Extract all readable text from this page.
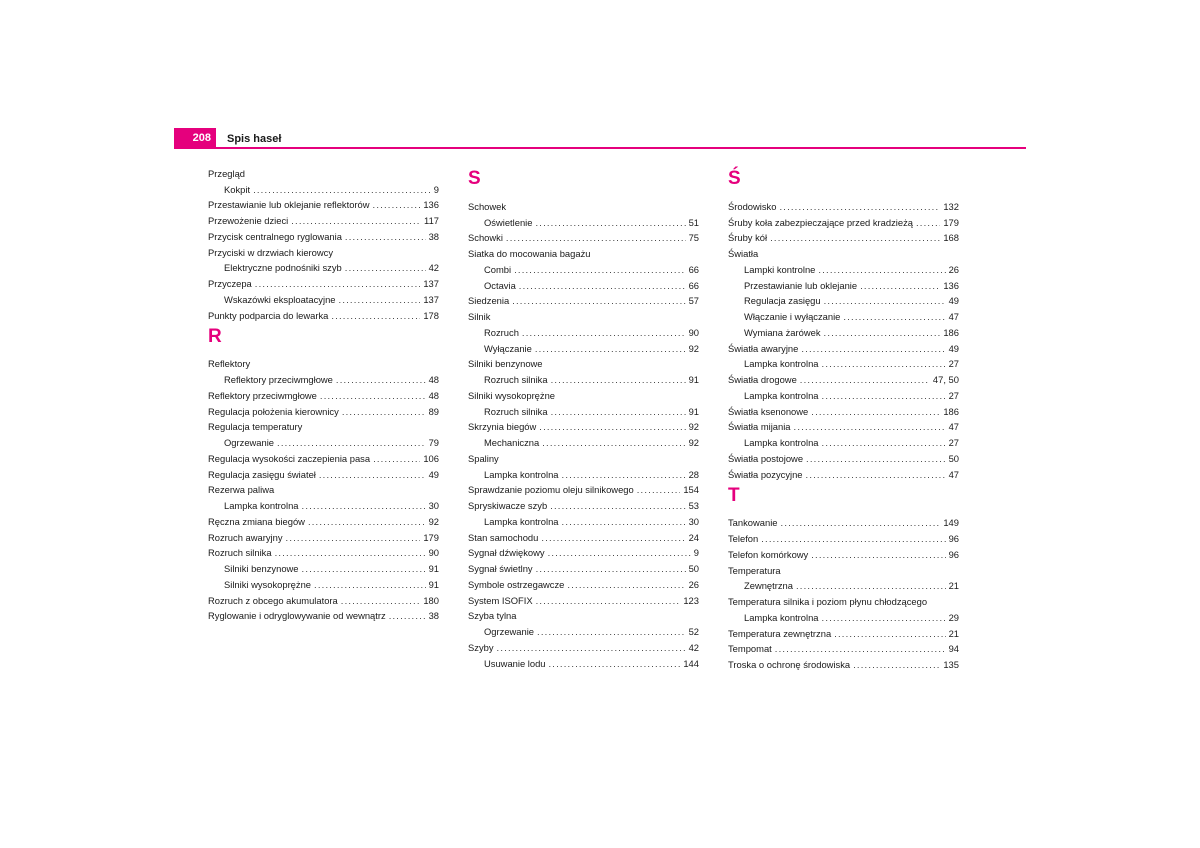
208	Spis haseł
Przegląd
Kokpit .....	9
Przestawianie lub oklejanie reflektorów .....	136
Przewożenie dzieci .....	117
Przycisk centralnego ryglowania .....	38
Przyciski w drzwiach kierowcy
Elektryczne podnośniki szyb .....	42
Przyczepa .....	137
Wskazówki eksploatacyjne .....	137
Punkty podparcia do lewarka .....	178
R
Reflektory
Reflektory przeciwmgłowe .....	48
Reflektory przeciwmgłowe .....	48
Regulacja położenia kierownicy .....	89
Regulacja temperatury
Ogrzewanie .....	79
Regulacja wysokości zaczepienia pasa .....	106
Regulacja zasięgu świateł .....	49
Rezerwa paliwa
Lampka kontrolna .....	30
Ręczna zmiana biegów .....	92
Rozruch awaryjny .....	179
Rozruch silnika .....	90
Silniki benzynowe .....	91
Silniki wysokoprężne .....	91
Rozruch z obcego akumulatora .....	180
Ryglowanie i odryglowywanie od wewnątrz .....	38
S
Schowek
Oświetlenie .....	51
Schowki .....	75
Siatka do mocowania bagażu
Combi .....	66
Octavia .....	66
Siedzenia .....	57
Silnik
Rozruch .....	90
Wyłączanie .....	92
Silniki benzynowe
Rozruch silnika .....	91
Silniki wysokoprężne
Rozruch silnika .....	91
Skrzynia biegów .....	92
Mechaniczna .....	92
Spaliny
Lampka kontrolna .....	28
Sprawdzanie poziomu oleju silnikowego .....	154
Spryskiwacze szyb .....	53
Lampka kontrolna .....	30
Stan samochodu .....	24
Sygnał dźwiękowy .....	9
Sygnał świetlny .....	50
Symbole ostrzegawcze .....	26
System ISOFIX .....	123
Szyba tylna
Ogrzewanie .....	52
Szyby .....	42
Usuwanie lodu .....	144
Ś
Środowisko .....	132
Śruby koła zabezpieczające przed kradzieżą .....	179
Śruby kół .....	168
Światła
Lampki kontrolne .....	26
Przestawianie lub oklejanie .....	136
Regulacja zasięgu .....	49
Włączanie i wyłączanie .....	47
Wymiana żarówek .....	186
Światła awaryjne .....	49
Lampka kontrolna .....	27
Światła drogowe .....	47, 50
Lampka kontrolna .....	27
Światła ksenonowe .....	186
Światła mijania .....	47
Lampka kontrolna .....	27
Światła postojowe .....	50
Światła pozycyjne .....	47
T
Tankowanie .....	149
Telefon .....	96
Telefon komórkowy .....	96
Temperatura
Zewnętrzna .....	21
Temperatura silnika i poziom płynu chłodzącego
Lampka kontrolna .....	29
Temperatura zewnętrzna .....	21
Tempomat .....	94
Troska o ochronę środowiska .....	135
